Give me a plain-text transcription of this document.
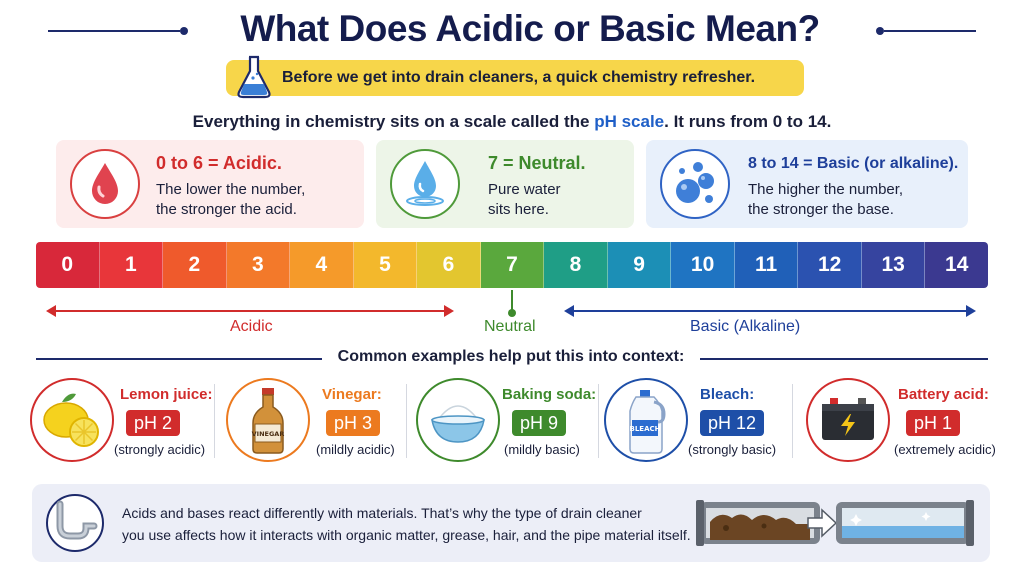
What Does Acidic or Basic Mean?
Before we get into drain cleaners, a quick chemistry refresher.
Everything in chemistry sits on a scale called the pH scale. It runs from 0 to 14.
0 to 6 = Acidic.
The lower the number,
the stronger the acid.
7 = Neutral.
Pure water
sits here.
8 to 14 = Basic (or alkaline).
The higher the number,
the stronger the base.
0	1	2	3	4	5	6	7	8	9	10	11	12	13	14
Acidic	Neutral	Basic (Alkaline)
Common examples help put this into context:
Lemon juice:
pH 2
(strongly acidic)
VINEGAR
Vinegar:
pH 3
(mildly acidic)
Baking soda:
pH 9
(mildly basic)
BLEACH
Bleach:
pH 12
(strongly basic)
Battery acid:
pH 1
(extremely acidic)
Acids and bases react differently with materials. That’s why the type of drain cleaner
you use affects how it interacts with organic matter, grease, hair, and the pipe material itself.
